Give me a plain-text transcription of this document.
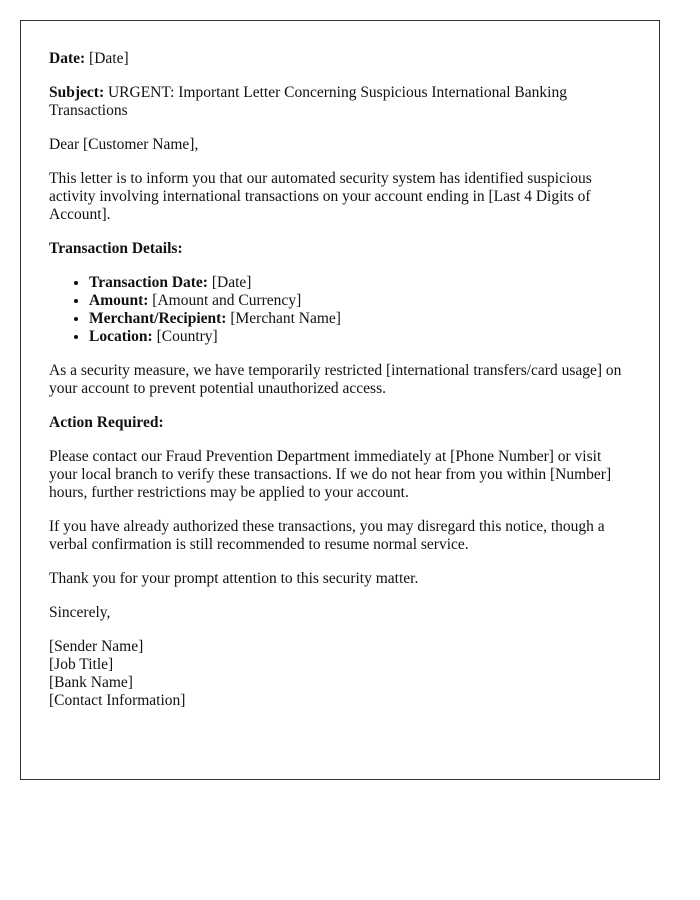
Date: [Date]

Subject: URGENT: Important Letter Concerning Suspicious International Banking Transactions

Dear [Customer Name],

This letter is to inform you that our automated security system has identified suspicious activity involving international transactions on your account ending in [Last 4 Digits of Account].

Transaction Details:
• Transaction Date: [Date]
• Amount: [Amount and Currency]
• Merchant/Recipient: [Merchant Name]
• Location: [Country]

As a security measure, we have temporarily restricted [international transfers/card usage] on your account to prevent potential unauthorized access.

Action Required:

Please contact our Fraud Prevention Department immediately at [Phone Number] or visit your local branch to verify these transactions. If we do not hear from you within [Number] hours, further restrictions may be applied to your account.

If you have already authorized these transactions, you may disregard this notice, though a verbal confirmation is still recommended to resume normal service.

Thank you for your prompt attention to this security matter.

Sincerely,

[Sender Name]
[Job Title]
[Bank Name]
[Contact Information]
